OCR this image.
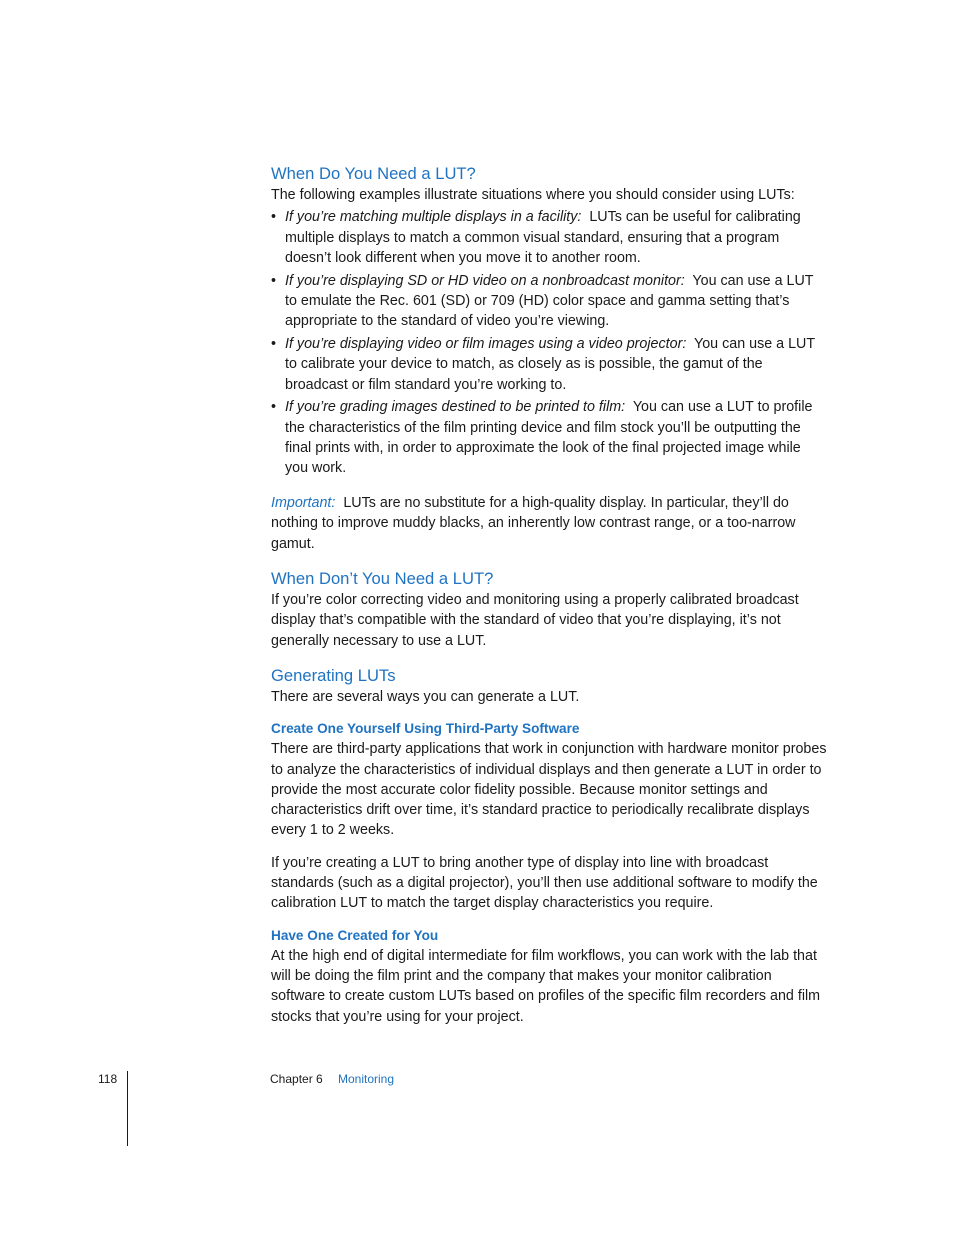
When Do You Need a LUT?

The following examples illustrate situations where you should consider using LUTs:

• If you’re matching multiple displays in a facility: LUTs can be useful for calibrating multiple displays to match a common visual standard, ensuring that a program doesn’t look different when you move it to another room.
• If you’re displaying SD or HD video on a nonbroadcast monitor: You can use a LUT to emulate the Rec. 601 (SD) or 709 (HD) color space and gamma setting that’s appropriate to the standard of video you’re viewing.
• If you’re displaying video or film images using a video projector: You can use a LUT to calibrate your device to match, as closely as is possible, the gamut of the broadcast or film standard you’re working to.
• If you’re grading images destined to be printed to film: You can use a LUT to profile the characteristics of the film printing device and film stock you’ll be outputting the final prints with, in order to approximate the look of the final projected image while you work.

Important: LUTs are no substitute for a high-quality display. In particular, they’ll do nothing to improve muddy blacks, an inherently low contrast range, or a too-narrow gamut.

When Don’t You Need a LUT?

If you’re color correcting video and monitoring using a properly calibrated broadcast display that’s compatible with the standard of video that you’re displaying, it’s not generally necessary to use a LUT.

Generating LUTs

There are several ways you can generate a LUT.

Create One Yourself Using Third-Party Software

There are third-party applications that work in conjunction with hardware monitor probes to analyze the characteristics of individual displays and then generate a LUT in order to provide the most accurate color fidelity possible. Because monitor settings and characteristics drift over time, it’s standard practice to periodically recalibrate displays every 1 to 2 weeks.

If you’re creating a LUT to bring another type of display into line with broadcast standards (such as a digital projector), you’ll then use additional software to modify the calibration LUT to match the target display characteristics you require.

Have One Created for You

At the high end of digital intermediate for film workflows, you can work with the lab that will be doing the film print and the company that makes your monitor calibration software to create custom LUTs based on profiles of the specific film recorders and film stocks that you’re using for your project.

118	Chapter 6 Monitoring
